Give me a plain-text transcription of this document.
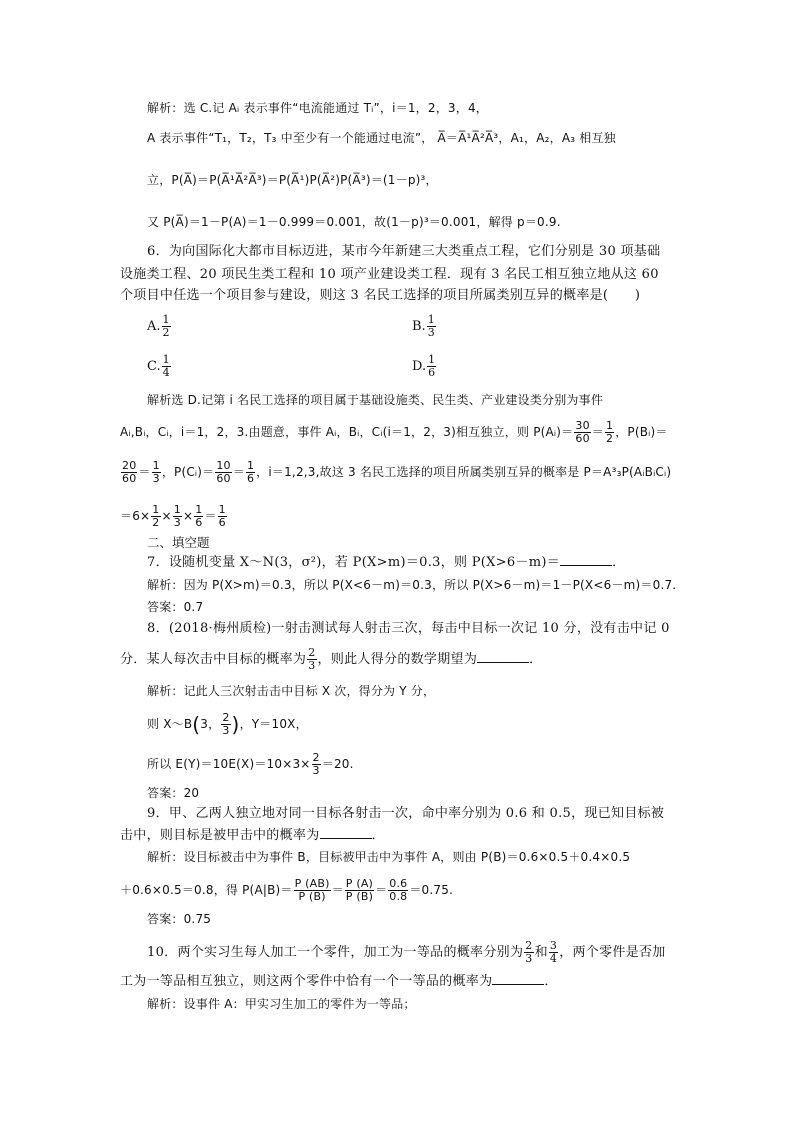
解析：选 C.记 Aᵢ 表示事件“电流能通过 Tᵢ”，i＝1，2，3，4，
A 表示事件“T₁，T₂，T₃ 中至少有一个能通过电流”， A̅＝A̅¹A̅²A̅³，A₁，A₂，A₃ 相互独
立，P(A̅)＝P(A̅¹A̅²A̅³)＝P(A̅¹)P(A̅²)P(A̅³)＝(1－p)³，
又 P(A̅)＝1－P(A)＝1－0.999＝0.001，故(1－p)³＝0.001，解得 p＝0.9.
6．为向国际化大都市目标迈进，某市今年新建三大类重点工程，它们分别是 30 项基础
设施类工程、20 项民生类工程和 10 项产业建设类工程．现有 3 名民工相互独立地从这 60
个项目中任选一个项目参与建设，则这 3 名民工选择的项目所属类别互异的概率是(　　)
A. $\frac{1}{2}$	B. $\frac{1}{3}$
C. $\frac{1}{4}$	D. $\frac{1}{6}$
解析选 D.记第 i 名民工选择的项目属于基础设施类、民生类、产业建设类分别为事件
Aᵢ,Bᵢ，Cᵢ，i＝1，2，3.由题意，事件 Aᵢ，Bᵢ，Cᵢ(i＝1，2，3)相互独立，则 P(Aᵢ)＝ $\frac{30}{60} = \frac{1}{2}$ ，P(Bᵢ)＝
$\frac{20}{60} = \frac{1}{3}$ ，P(Cᵢ)＝ $\frac{10}{60} = \frac{1}{6}$ ，i＝1,2,3,故这 3 名民工选择的项目所属类别互异的概率是 P＝A³₃P(AᵢBᵢCᵢ)
$=6\times \frac{1}{2} \times \frac{1}{3} \times \frac{1}{6} = \frac{1}{6}$
二、填空题
7．设随机变量 X～N(3，σ²)，若 P(X>m)＝0.3，则 P(X>6－m)＝	．
解析：因为 P(X>m)＝0.3，所以 P(X<6－m)＝0.3，所以 P(X>6－m)＝1－P(X<6－m)＝0.7.
答案：0.7
8．(2018·梅州质检)一射击测试每人射击三次，每击中目标一次记 10 分，没有击中记 0
分．某人每次击中目标的概率为 $\frac{2}{3}$ ，则此人得分的数学期望为	．
解析：记此人三次射击击中目标 X 次，得分为 Y 分，
则 X～B(3， $\frac{2}{3}$ )，Y＝10X，
所以 $E(Y)=10E(X)=10\times 3\times \frac{2}{3} =20$.
答案：20
9．甲、乙两人独立地对同一目标各射击一次，命中率分别为 0.6 和 0.5，现已知目标被
击中，则目标是被甲击中的概率为	．
解析：设目标被击中为事件 B，目标被甲击中为事件 A，则由 P(B)＝0.6×0.5＋0.4×0.5
＋0.6×0.5＝0.8，得 $P(A|B)= \frac{P (AB)}{P (B)} = \frac{P (A)}{P (B)} = \frac{0.6}{0.8} =0.75$.
答案：0.75
10．两个实习生每人加工一个零件，加工为一等品的概率分别为 $\frac{2}{3}$ 和 $\frac{3}{4}$ ，两个零件是否加
工为一等品相互独立，则这两个零件中恰有一个一等品的概率为	．
解析：设事件 A：甲实习生加工的零件为一等品；
